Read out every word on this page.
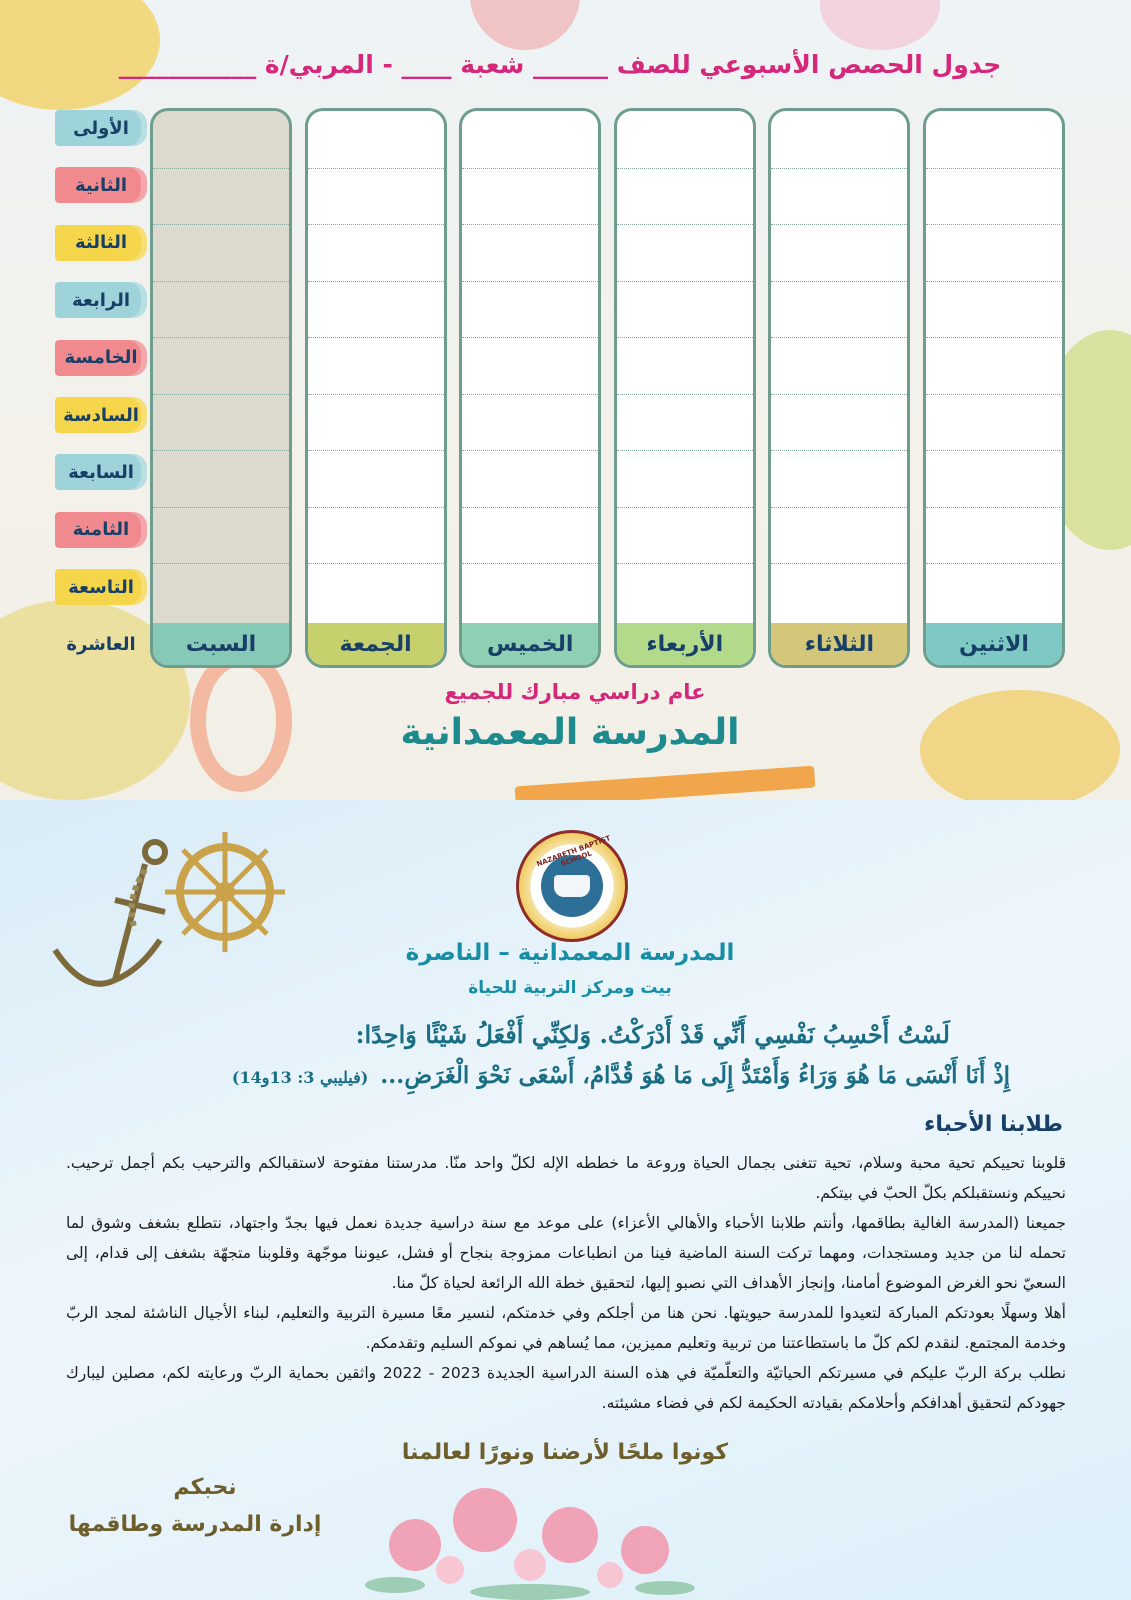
جدول الحصص الأسبوعي للصف ______ شعبة ____ - المربي/ة ___________
الاثنين
الثلاثاء
الأربعاء
الخميس
الجمعة
السبت
الأولى
الثانية
الثالثة
الرابعة
الخامسة
السادسة
السابعة
الثامنة
التاسعة
العاشرة
عام دراسي مبارك للجميع
المدرسة المعمدانية
NAZARETH BAPTIST SCHOOL
المدرسة المعمدانية – الناصرة
بيت ومركز التربية للحياة
لَسْتُ أَحْسِبُ نَفْسِي أَنِّي قَدْ أَدْرَكْتُ. وَلكِنِّي أَفْعَلُ شَيْئًا وَاحِدًا:
إِذْ أَنَا أَنْسَى مَا هُوَ وَرَاءُ وَأَمْتَدُّ إِلَى مَا هُوَ قُدَّامُ، أَسْعَى نَحْوَ الْغَرَضِ...(فيليبي 3: 13و14)
طلابنا الأحباء

قلوبنا تحييكم تحية محبة وسلام، تحية تتغنى بجمال الحياة وروعة ما خططه الإله لكلّ واحد منّا. مدرستنا مفتوحة لاستقبالكم والترحيب بكم أجمل ترحيب. نحييكم ونستقبلكم بكلّ الحبّ في بيتكم.

جميعنا (المدرسة الغالية بطاقمها، وأنتم طلابنا الأحباء والأهالي الأعزاء) على موعد مع سنة دراسية جديدة نعمل فيها بجدّ واجتهاد، نتطلع بشغف وشوق لما تحمله لنا من جديد ومستجدات، ومهما تركت السنة الماضية فينا من انطباعات ممزوجة بنجاح أو فشل، عيوننا موجّهة وقلوبنا متجهّة بشغف إلى قدام، إلى السعيّ نحو الغرض الموضوع أمامنا، وإنجاز الأهداف التي نصبو إليها، لتحقيق خطة الله الرائعة لحياة كلّ منا.

أهلا وسهلًا بعودتكم المباركة لتعيدوا للمدرسة حيويتها. نحن هنا من أجلكم وفي خدمتكم، لنسير معًا مسيرة التربية والتعليم، لبناء الأجيال الناشئة لمجد الربّ وخدمة المجتمع. لنقدم لكم كلّ ما باستطاعتنا من تربية وتعليم مميزين، مما يُساهم في نموكم السليم وتقدمكم.

نطلب بركة الربّ عليكم في مسيرتكم الحياتيّة والتعلّميّة في هذه السنة الدراسية الجديدة 2023 - 2022 واثقين بحماية الربّ ورعايته لكم، مصلين ليبارك جهودكم لتحقيق أهدافكم وأحلامكم بقيادته الحكيمة لكم في فضاء مشيئته.

كونوا ملحًا لأرضنا ونورًا لعالمنا
نحبكم
إدارة المدرسة وطاقمها
